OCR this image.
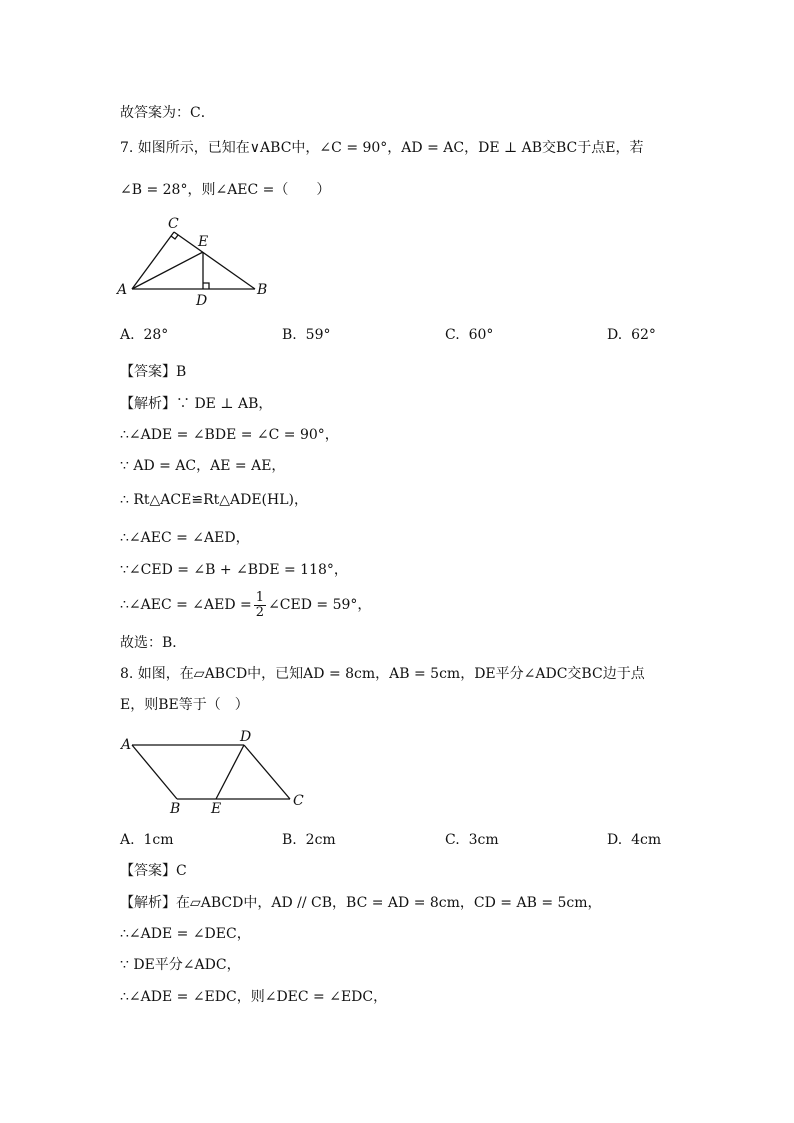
故答案为：C．
7. 如图所示，已知在∨ABC中，∠C = 90°，AD = AC，DE ⊥ AB交BC于点E，若
∠B = 28°，则∠AEC =（　　）
A	B
C
D
E
A. 28°	B. 59°	C. 60°	D. 62°
【答案】B
【解析】∵ DE ⊥ AB，
∴∠ADE = ∠BDE = ∠C = 90°，
∵ AD = AC，AE = AE，
∴ Rt△ACE≌Rt△ADE(HL)，
∴∠AEC = ∠AED，
∵∠CED = ∠B + ∠BDE = 118°，
∴∠AEC = ∠AED = $\frac{1}{2}$ ∠CED = 59°，
故选：B．
8. 如图，在▱ABCD中，已知AD = 8cm，AB = 5cm，DE平分∠ADC交BC边于点
E，则BE等于（　）
A
B	C
D
E
A. 1cm	B. 2cm	C. 3cm	D. 4cm
【答案】C
【解析】在▱ABCD中，AD // CB，BC = AD = 8cm，CD = AB = 5cm，
∴∠ADE = ∠DEC，
∵ DE平分∠ADC，
∴∠ADE = ∠EDC，则∠DEC = ∠EDC，
